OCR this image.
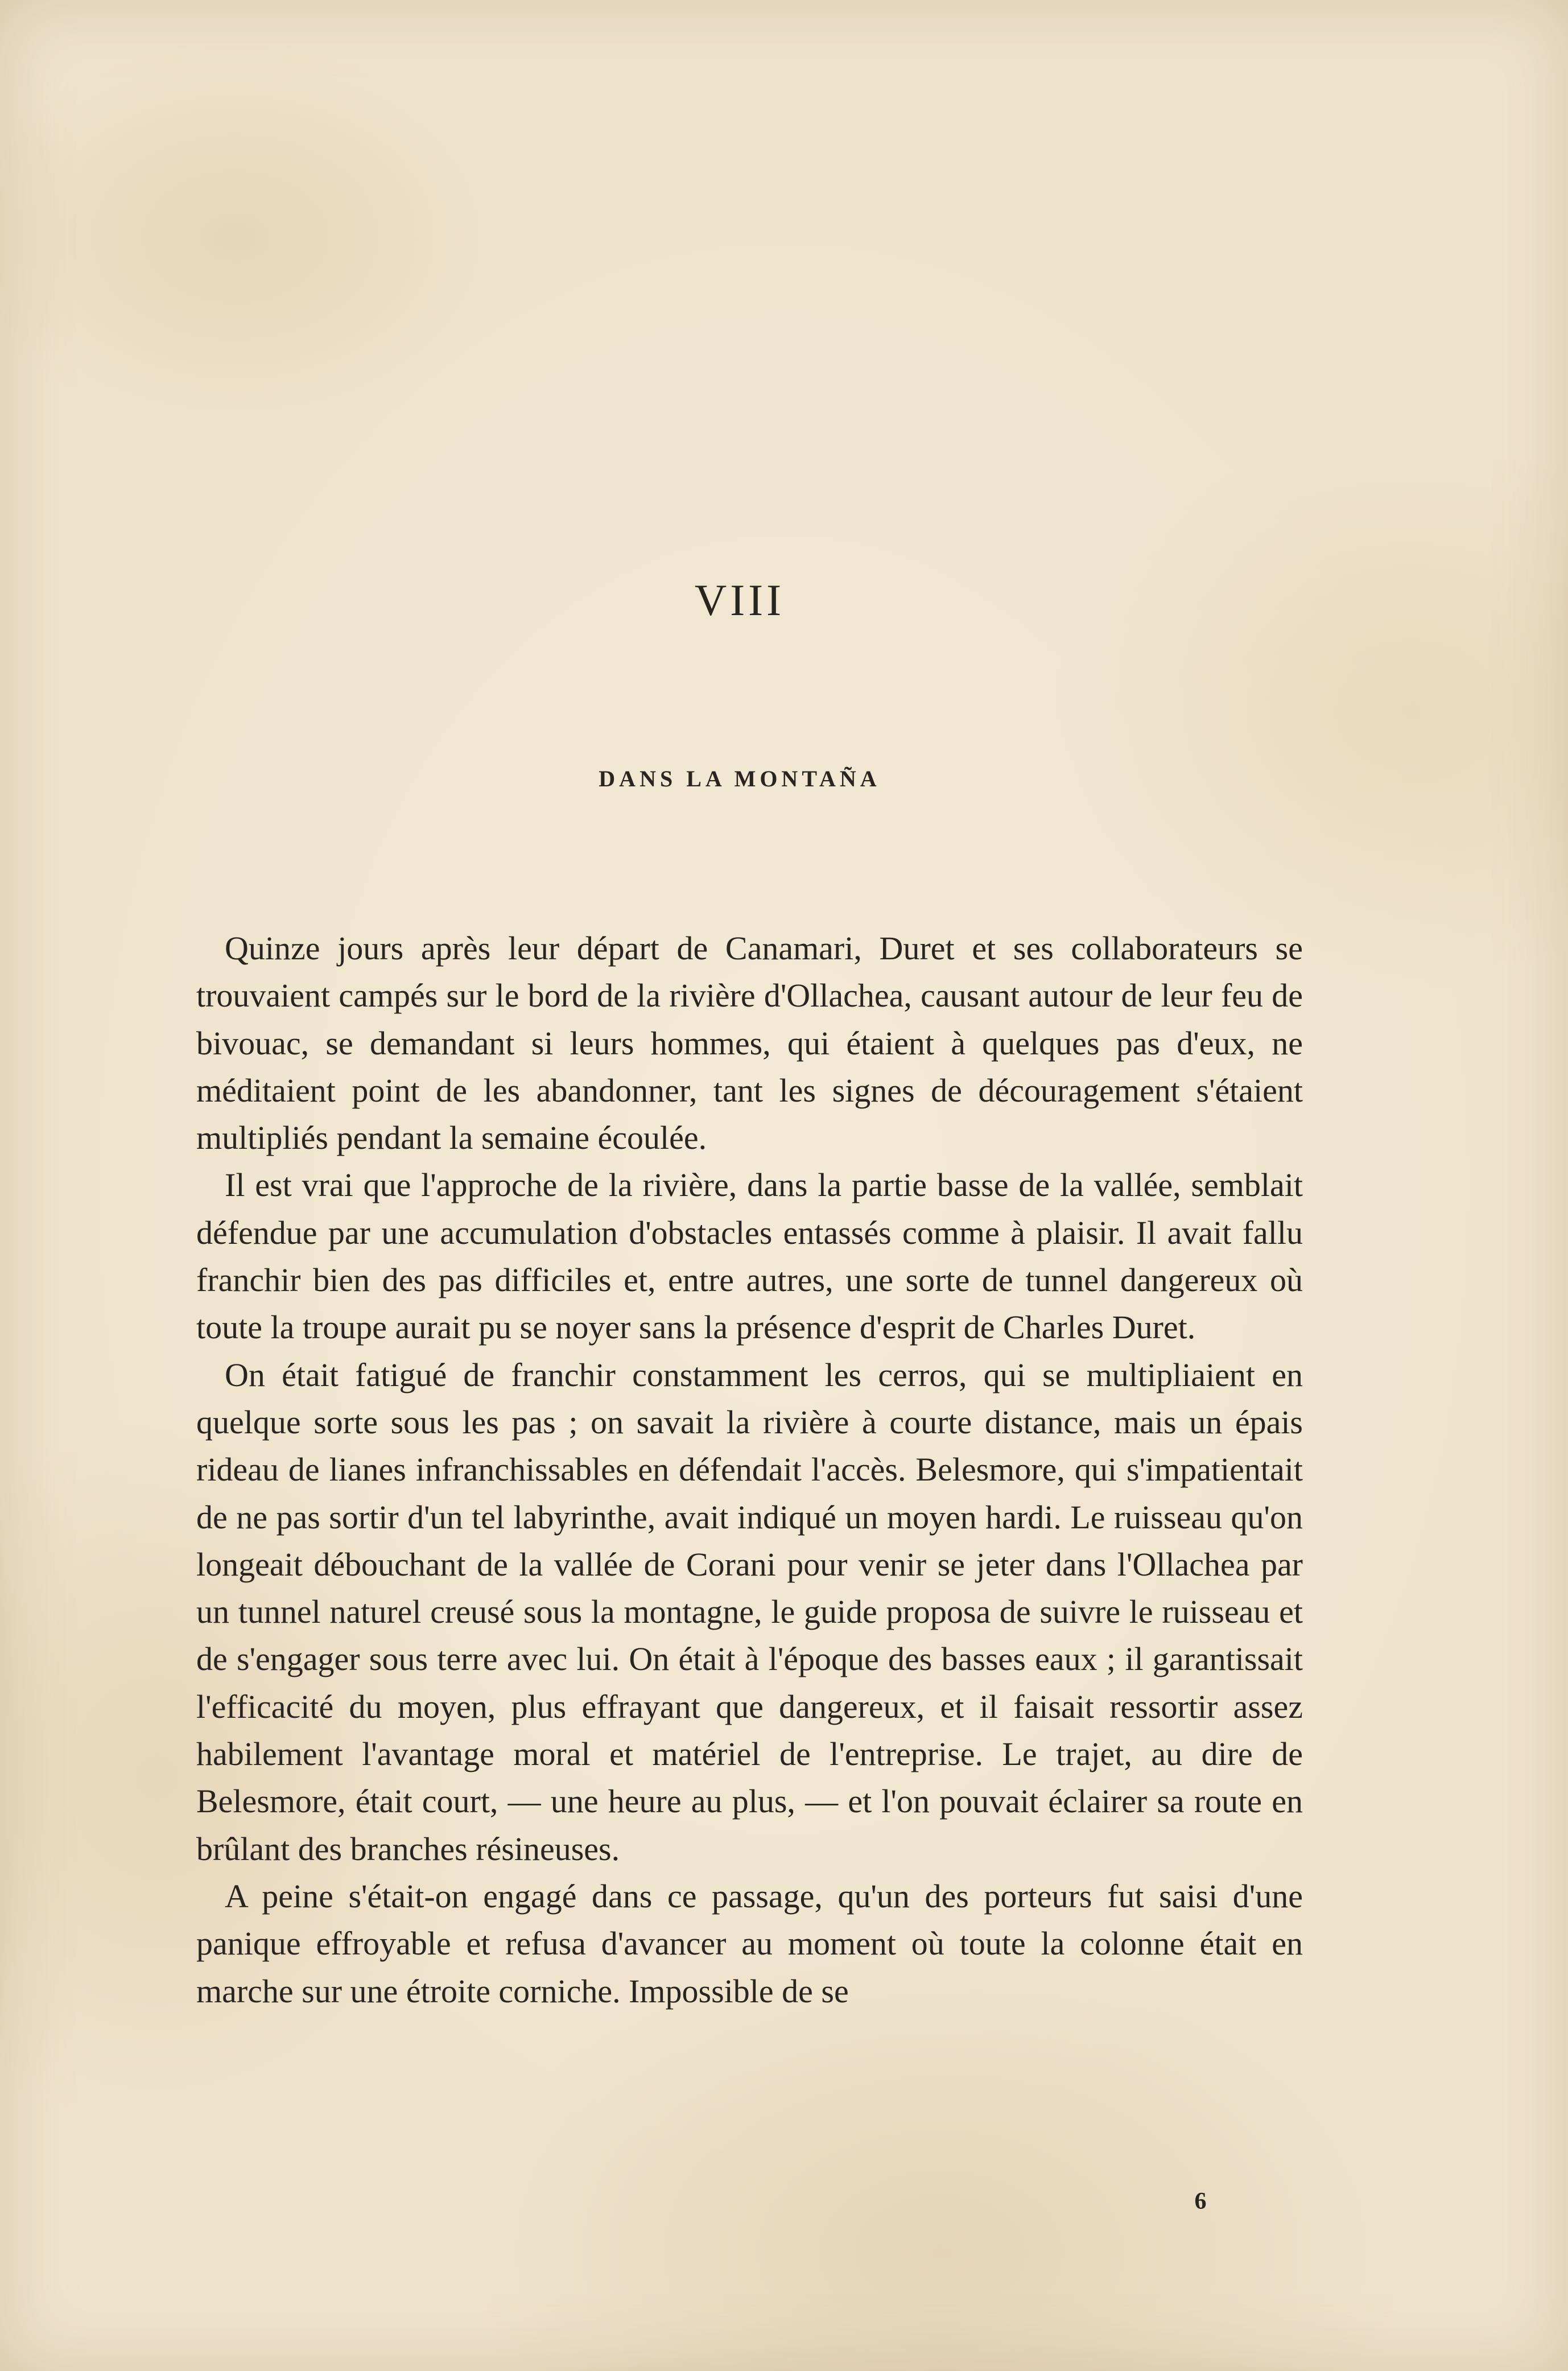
VIII
DANS LA MONTAÑA

Quinze jours après leur départ de Canamari, Duret et ses collaborateurs se trouvaient campés sur le bord de la rivière d'Ollachea, causant autour de leur feu de bivouac, se demandant si leurs hommes, qui étaient à quelques pas d'eux, ne méditaient point de les abandonner, tant les signes de découragement s'étaient multipliés pendant la semaine écoulée.

Il est vrai que l'approche de la rivière, dans la partie basse de la vallée, semblait défendue par une accumulation d'obstacles entassés comme à plaisir. Il avait fallu franchir bien des pas difficiles et, entre autres, une sorte de tunnel dangereux où toute la troupe aurait pu se noyer sans la présence d'esprit de Charles Duret.

On était fatigué de franchir constamment les cerros, qui se multipliaient en quelque sorte sous les pas ; on savait la rivière à courte distance, mais un épais rideau de lianes infranchissables en défendait l'accès. Belesmore, qui s'impatientait de ne pas sortir d'un tel labyrinthe, avait indiqué un moyen hardi. Le ruisseau qu'on longeait débouchant de la vallée de Corani pour venir se jeter dans l'Ollachea par un tunnel naturel creusé sous la montagne, le guide proposa de suivre le ruisseau et de s'engager sous terre avec lui. On était à l'époque des basses eaux ; il garantissait l'efficacité du moyen, plus effrayant que dangereux, et il faisait ressortir assez habilement l'avantage moral et matériel de l'entreprise. Le trajet, au dire de Belesmore, était court, — une heure au plus, — et l'on pouvait éclairer sa route en brûlant des branches résineuses.

A peine s'était-on engagé dans ce passage, qu'un des porteurs fut saisi d'une panique effroyable et refusa d'avancer au moment où toute la colonne était en marche sur une étroite corniche. Impossible de se

6
